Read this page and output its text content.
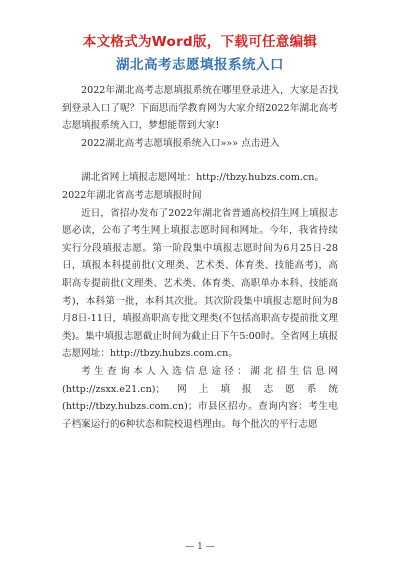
本文格式为Word版，下载可任意编辑
湖北高考志愿填报系统入口

2022年湖北高考志愿填报系统在哪里登录进入，大家是否找到登录入口了呢？下面思而学教育网为大家介绍2022年湖北高考志愿填报系统入口，梦想能帮到大家!

2022湖北高考志愿填报系统入口»»» 点击进入

湖北省网上填报志愿网址：http://tbzy.hubzs.com.cn。

2022年湖北省高考志愿填报时间

近日，省招办发布了2022年湖北省普通高校招生网上填报志愿必读，公布了考生网上填报志愿时间和网址。今年，我省持续实行分段填报志愿。第一阶段集中填报志愿时间为6月25日-28日，填报本科提前批(文理类、艺术类、体育类、技能高考)，高职高专提前批(文理类、艺术类、体育类、高职单办本科、技能高考)，本科第一批，本科其次批。其次阶段集中填报志愿时间为8月8日-11日，填报高职高专批文理类(不包括高职高专提前批文理类)。集中填报志愿截止时间为截止日下午5:00时。全省网上填报志愿网址：http://tbzy.hubzs.com.cn。

考生查询本人入选信息途径：湖北招生信息网(http://zsxx.e21.cn)；网上填报志愿系统(http://tbzy.hubzs.com.cn)；市县区招办。查询内容：考生电子档案运行的6种状态和院校退档理由。每个批次的平行志愿

— 1 —
